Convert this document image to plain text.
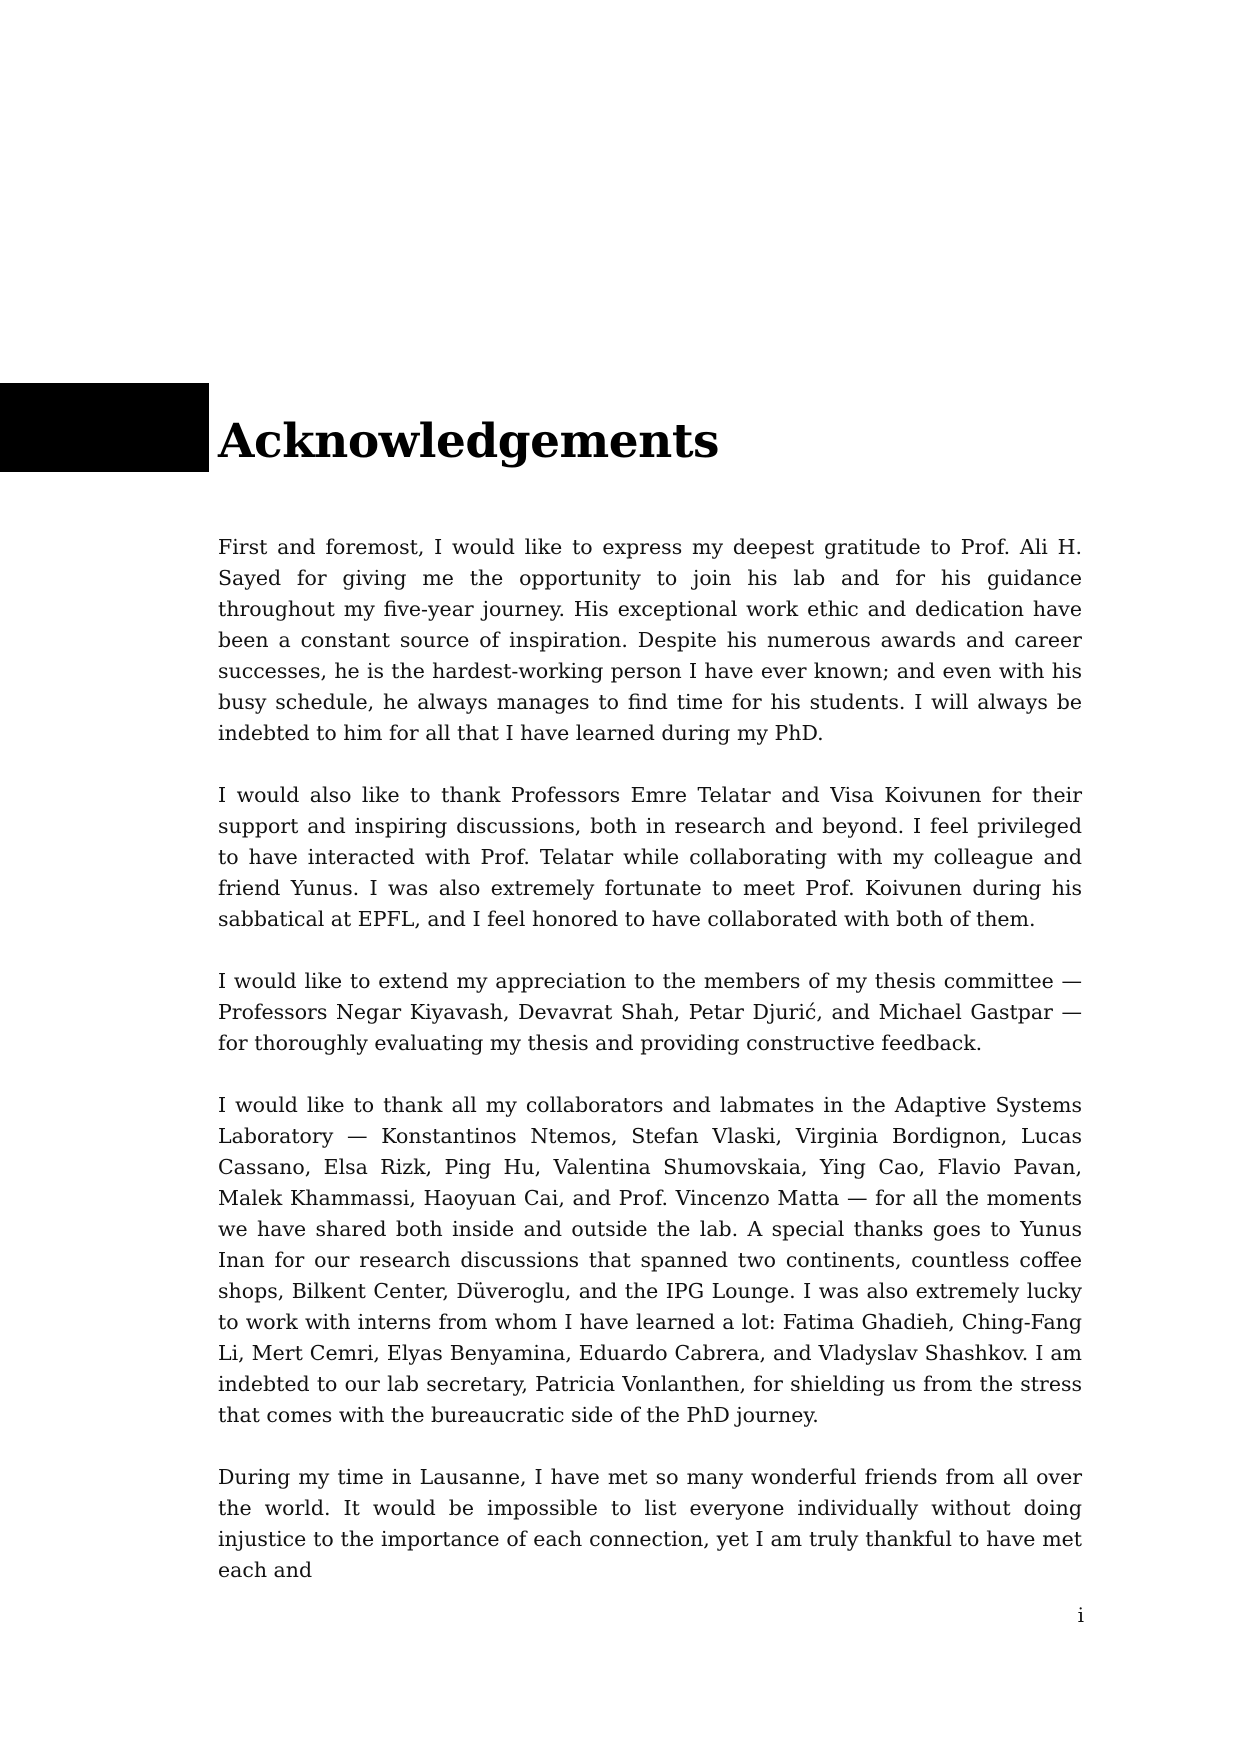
Acknowledgements

First and foremost, I would like to express my deepest gratitude to Prof. Ali H. Sayed for giving me the opportunity to join his lab and for his guidance throughout my five-year journey. His exceptional work ethic and dedication have been a constant source of inspiration. Despite his numerous awards and career successes, he is the hardest-working person I have ever known; and even with his busy schedule, he always manages to find time for his students. I will always be indebted to him for all that I have learned during my PhD.

I would also like to thank Professors Emre Telatar and Visa Koivunen for their support and inspiring discussions, both in research and beyond. I feel privileged to have interacted with Prof. Telatar while collaborating with my colleague and friend Yunus. I was also extremely fortunate to meet Prof. Koivunen during his sabbatical at EPFL, and I feel honored to have collaborated with both of them.

I would like to extend my appreciation to the members of my thesis committee — Professors Negar Kiyavash, Devavrat Shah, Petar Djurić, and Michael Gastpar — for thoroughly evaluating my thesis and providing constructive feedback.

I would like to thank all my collaborators and labmates in the Adaptive Systems Laboratory — Konstantinos Ntemos, Stefan Vlaski, Virginia Bordignon, Lucas Cassano, Elsa Rizk, Ping Hu, Valentina Shumovskaia, Ying Cao, Flavio Pavan, Malek Khammassi, Haoyuan Cai, and Prof. Vincenzo Matta — for all the moments we have shared both inside and outside the lab. A special thanks goes to Yunus Inan for our research discussions that spanned two continents, countless coffee shops, Bilkent Center, Düveroglu, and the IPG Lounge. I was also extremely lucky to work with interns from whom I have learned a lot: Fatima Ghadieh, Ching-Fang Li, Mert Cemri, Elyas Benyamina, Eduardo Cabrera, and Vladyslav Shashkov. I am indebted to our lab secretary, Patricia Vonlanthen, for shielding us from the stress that comes with the bureaucratic side of the PhD journey.

During my time in Lausanne, I have met so many wonderful friends from all over the world. It would be impossible to list everyone individually without doing injustice to the importance of each connection, yet I am truly thankful to have met each and

i
